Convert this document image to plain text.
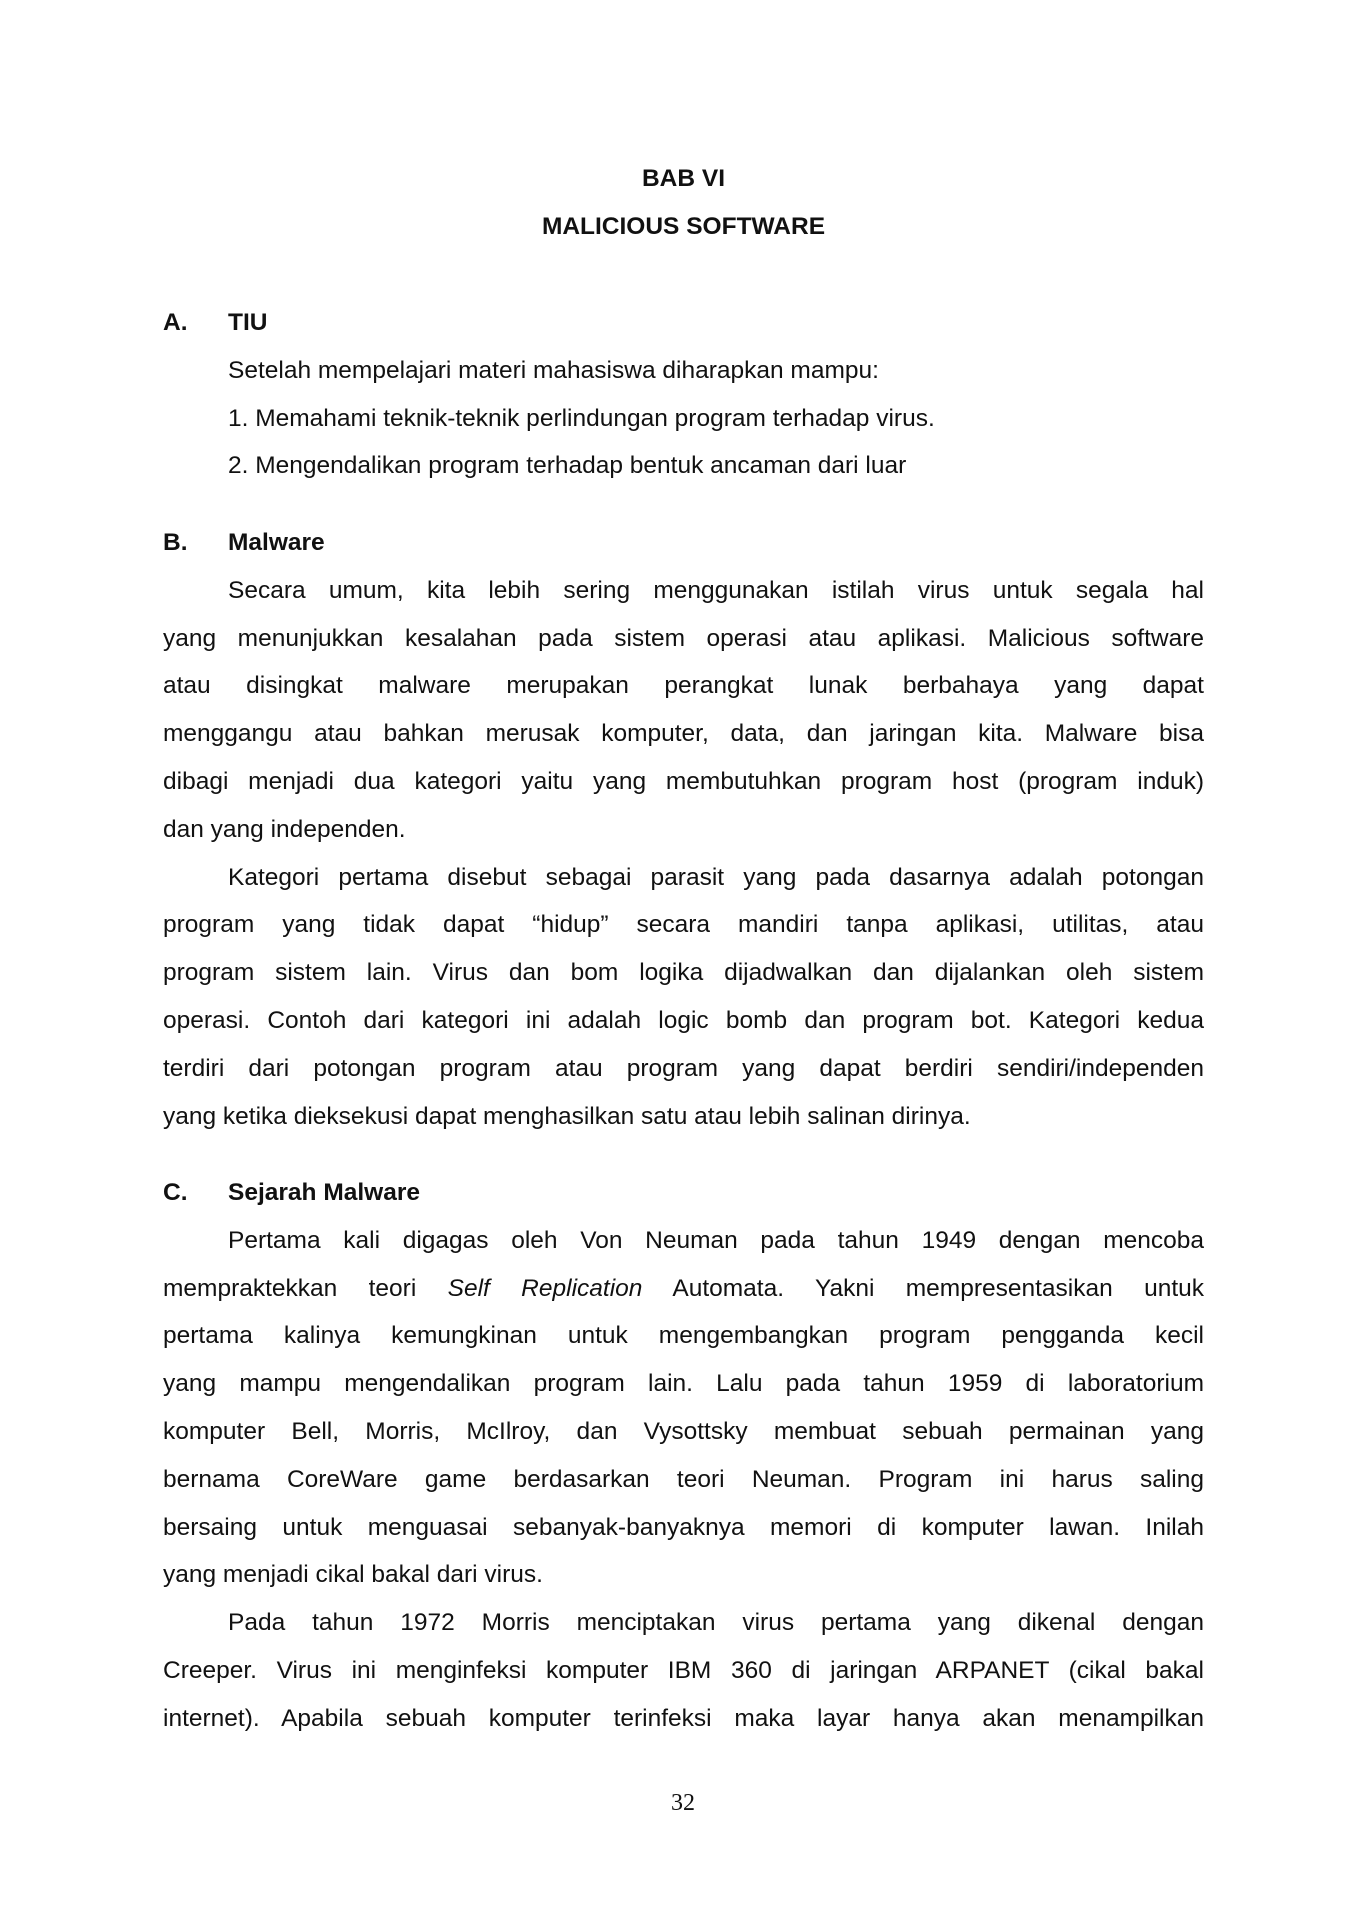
BAB VI
MALICIOUS SOFTWARE
A. TIU
Setelah mempelajari materi mahasiswa diharapkan mampu:
1. Memahami teknik-teknik perlindungan program terhadap virus.
2. Mengendalikan program terhadap bentuk ancaman dari luar
B. Malware
Secara umum, kita lebih sering menggunakan istilah virus untuk segala hal
yang menunjukkan kesalahan pada sistem operasi atau aplikasi. Malicious software
atau disingkat malware merupakan perangkat lunak berbahaya yang dapat
menggangu atau bahkan merusak komputer, data, dan jaringan kita. Malware bisa
dibagi menjadi dua kategori yaitu yang membutuhkan program host (program induk)
dan yang independen.
Kategori pertama disebut sebagai parasit yang pada dasarnya adalah potongan
program yang tidak dapat “hidup” secara mandiri tanpa aplikasi, utilitas, atau
program sistem lain. Virus dan bom logika dijadwalkan dan dijalankan oleh sistem
operasi. Contoh dari kategori ini adalah logic bomb dan program bot. Kategori kedua
terdiri dari potongan program atau program yang dapat berdiri sendiri/independen
yang ketika dieksekusi dapat menghasilkan satu atau lebih salinan dirinya.
C. Sejarah Malware
Pertama kali digagas oleh Von Neuman pada tahun 1949 dengan mencoba
mempraktekkan teori Self Replication Automata. Yakni mempresentasikan untuk
pertama kalinya kemungkinan untuk mengembangkan program pengganda kecil
yang mampu mengendalikan program lain. Lalu pada tahun 1959 di laboratorium
komputer Bell, Morris, McIlroy, dan Vysottsky membuat sebuah permainan yang
bernama CoreWare game berdasarkan teori Neuman. Program ini harus saling
bersaing untuk menguasai sebanyak-banyaknya memori di komputer lawan. Inilah
yang menjadi cikal bakal dari virus.
Pada tahun 1972 Morris menciptakan virus pertama yang dikenal dengan
Creeper. Virus ini menginfeksi komputer IBM 360 di jaringan ARPANET (cikal bakal
internet). Apabila sebuah komputer terinfeksi maka layar hanya akan menampilkan
32
